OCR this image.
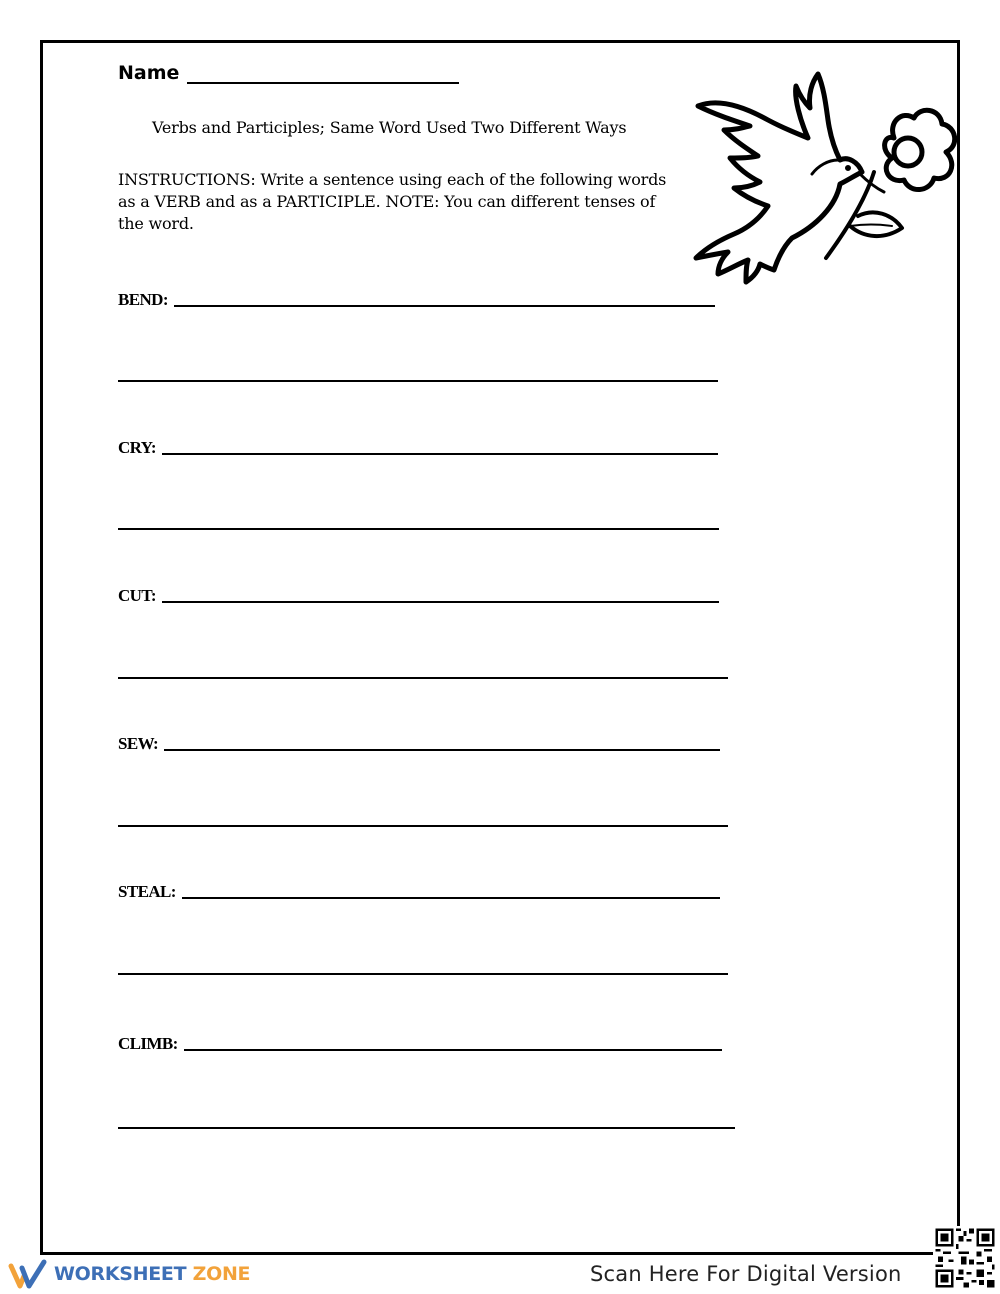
Name
Verbs and Participles; Same Word Used Two Different Ways
INSTRUCTIONS: Write a sentence using each of the following words as a VERB and as a PARTICIPLE. NOTE: You can different tenses of the word.
BEND:
CRY:
CUT:
SEW:
STEAL:
CLIMB:
WORKSHEET ZONE	Scan Here For Digital Version
